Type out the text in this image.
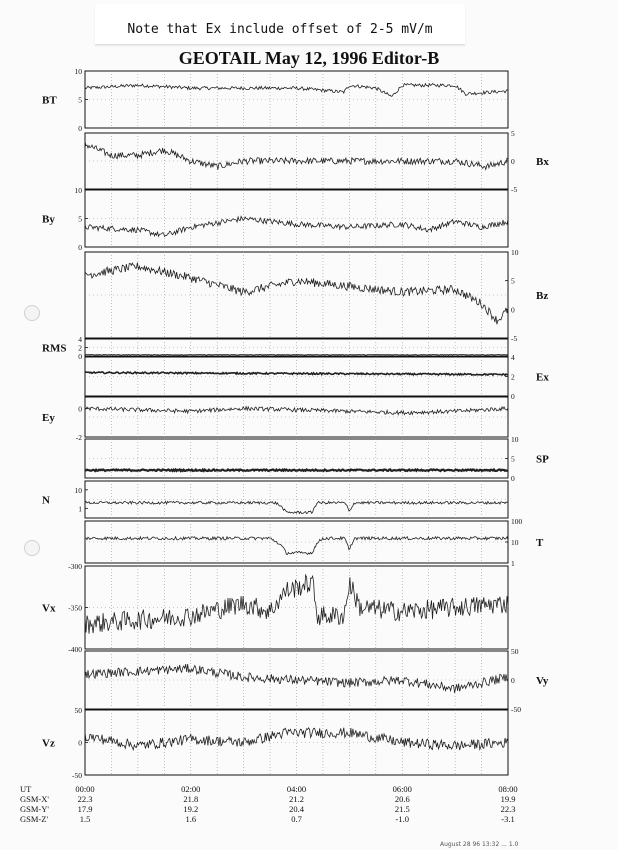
Note that Ex include offset of 2-5 mV/m
GEOTAIL May 12, 1996 Editor-B
August 28 96 13:32 ... 1.0
10
5
0
BT
5
0
-5
Bx
10
5
0
By
10
5
0
-5
Bz
4
2
0
RMS
4
2
0
Ex
0
-2
Ey
10
5
0
SP
10
1
N
100
10
1
T
-300
-350
-400
Vx
50
0
-50
Vy
50
0
-50
Vz
UT	00:00	02:00	04:00	06:00	08:00
GSM-X'	22.3	21.8	21.2	20.6	19.9
GSM-Y'	17.9	19.2	20.4	21.5	22.3
GSM-Z'	1.5	1.6	0.7	-1.0	-3.1
